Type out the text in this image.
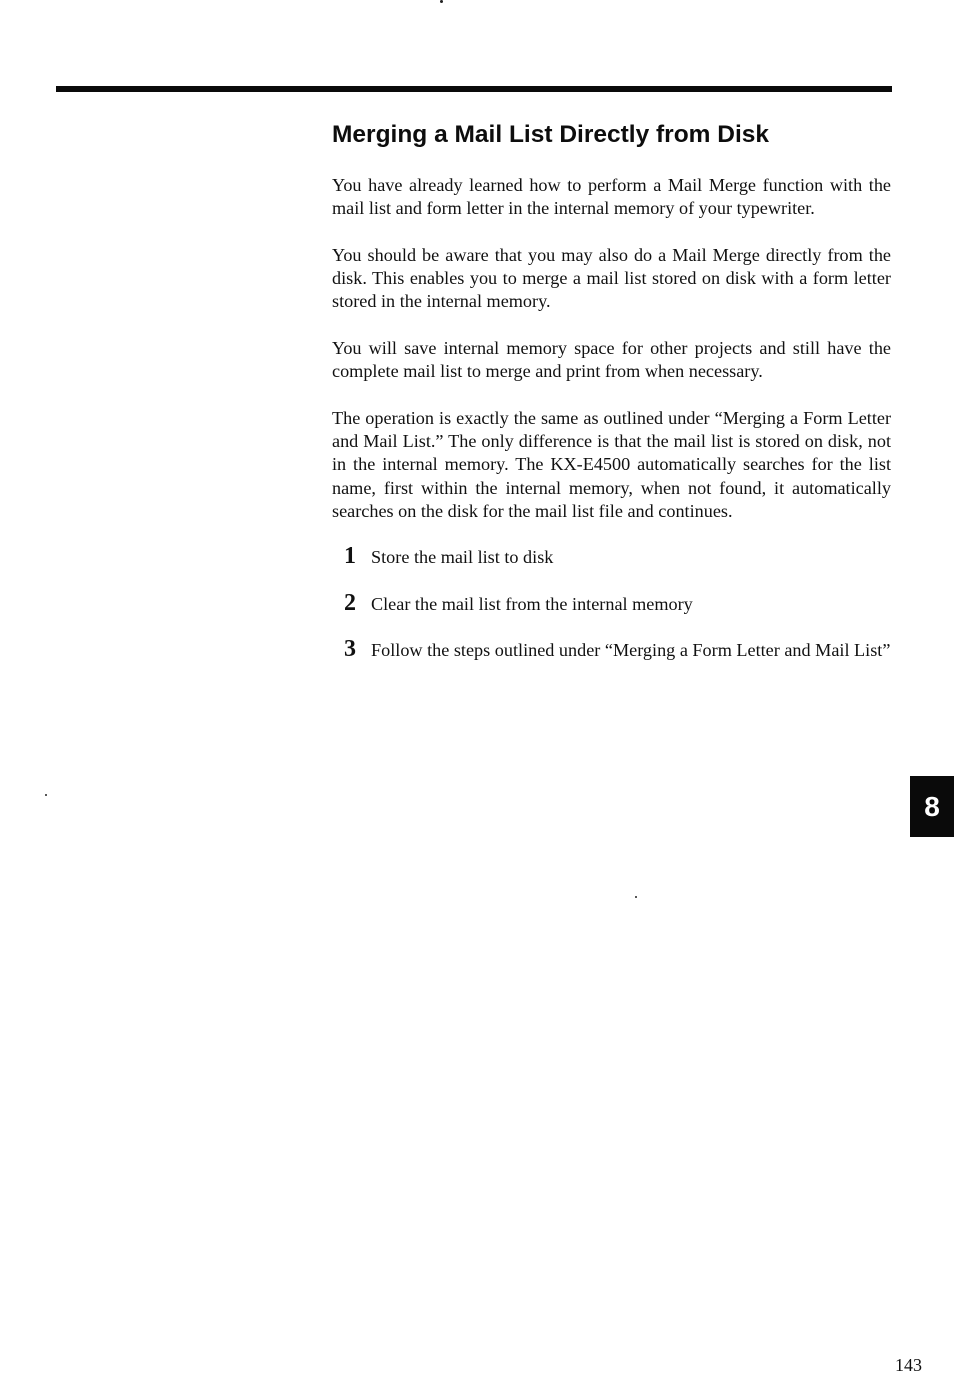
Merging a Mail List Directly from Disk

You have already learned how to perform a Mail Merge function with the mail list and form letter in the internal memory of your typewriter.

You should be aware that you may also do a Mail Merge directly from the disk. This enables you to merge a mail list stored on disk with a form letter stored in the internal memory.

You will save internal memory space for other projects and still have the complete mail list to merge and print from when necessary.

The operation is exactly the same as outlined under “Merging a Form Letter and Mail List.” The only difference is that the mail list is stored on disk, not in the internal memory. The KX-E4500 automatically searches for the list name, first within the internal memory, when not found, it automatically searches on the disk for the mail list file and continues.

1 Store the mail list to disk
2 Clear the mail list from the internal memory
3 Follow the steps outlined under “Merging a Form Letter and Mail List”
8
143
